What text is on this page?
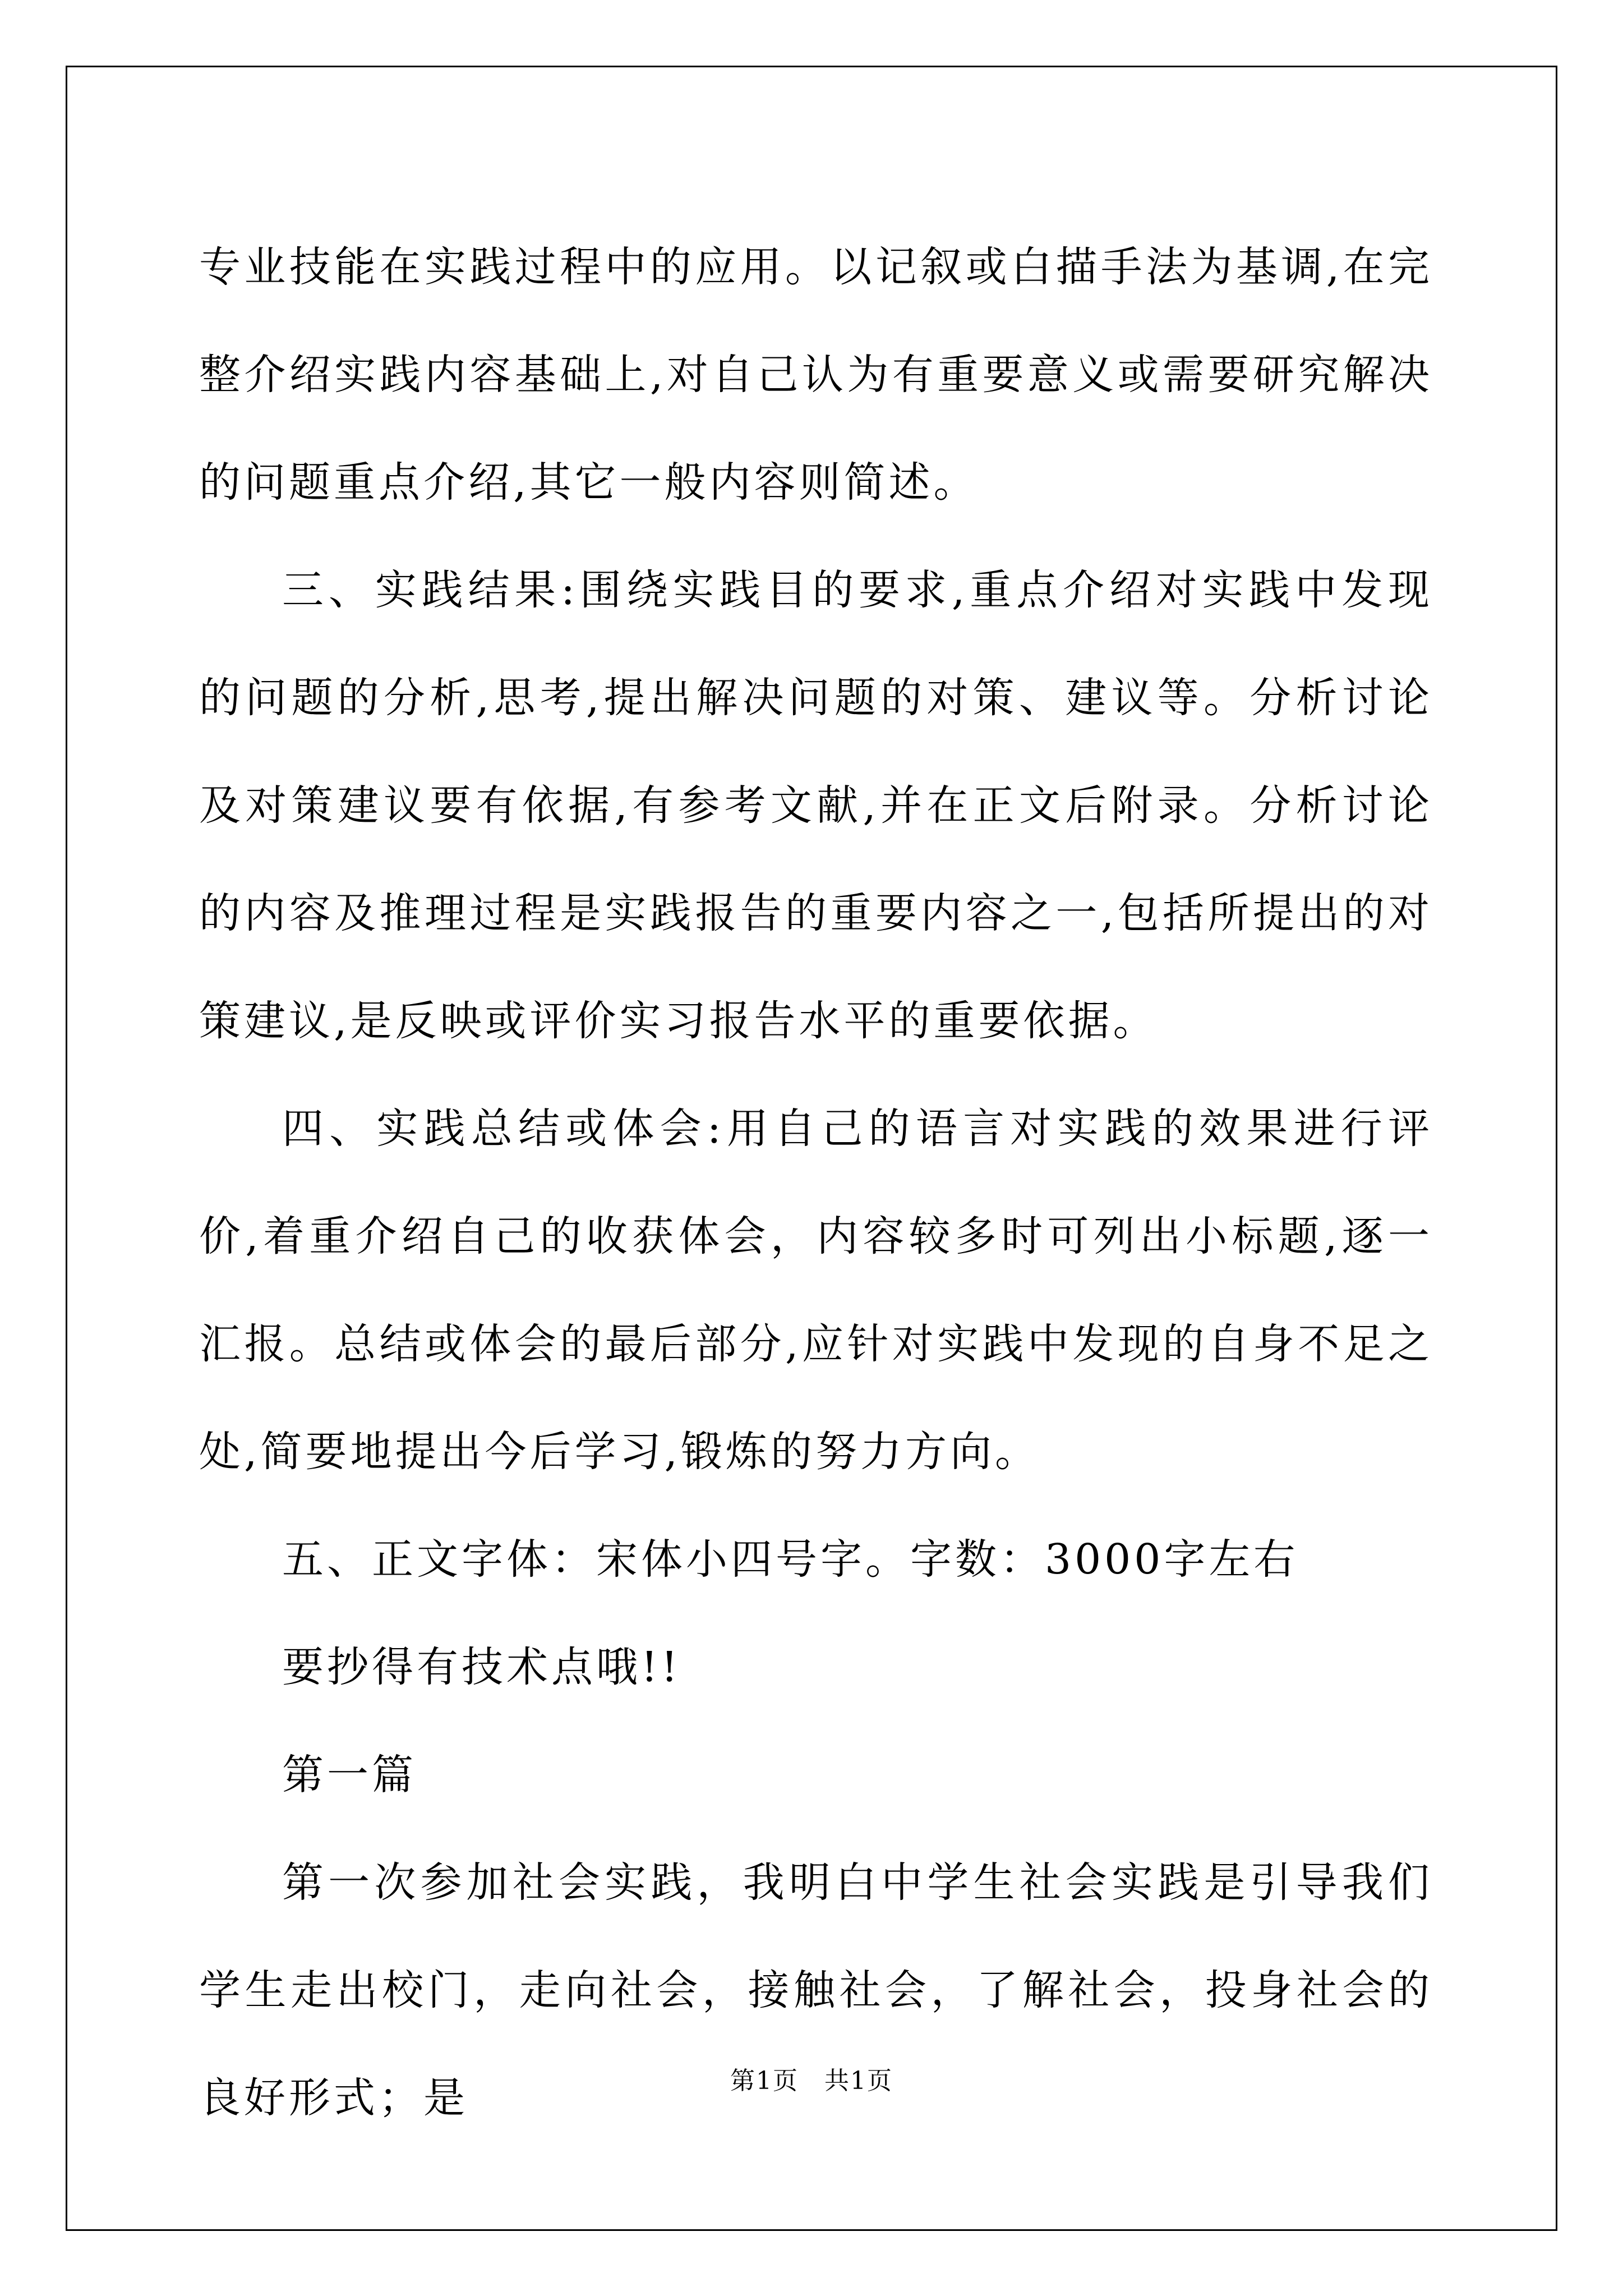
专业技能在实践过程中的应用。以记叙或白描手法为基调,在完整介绍实践内容基础上,对自己认为有重要意义或需要研究解决的问题重点介绍,其它一般内容则简述。

三、实践结果:围绕实践目的要求,重点介绍对实践中发现的问题的分析,思考,提出解决问题的对策、建议等。分析讨论及对策建议要有依据,有参考文献,并在正文后附录。分析讨论的内容及推理过程是实践报告的重要内容之一,包括所提出的对策建议,是反映或评价实习报告水平的重要依据。

四、实践总结或体会:用自己的语言对实践的效果进行评价,着重介绍自己的收获体会，内容较多时可列出小标题,逐一汇报。总结或体会的最后部分,应针对实践中发现的自身不足之处,简要地提出今后学习,锻炼的努力方向。

五、正文字体：宋体小四号字。字数：3000字左右

要抄得有技术点哦!!

第一篇

第一次参加社会实践，我明白中学生社会实践是引导我们学生走出校门，走向社会，接触社会，了解社会，投身社会的良好形式；是	第1页　共1页
